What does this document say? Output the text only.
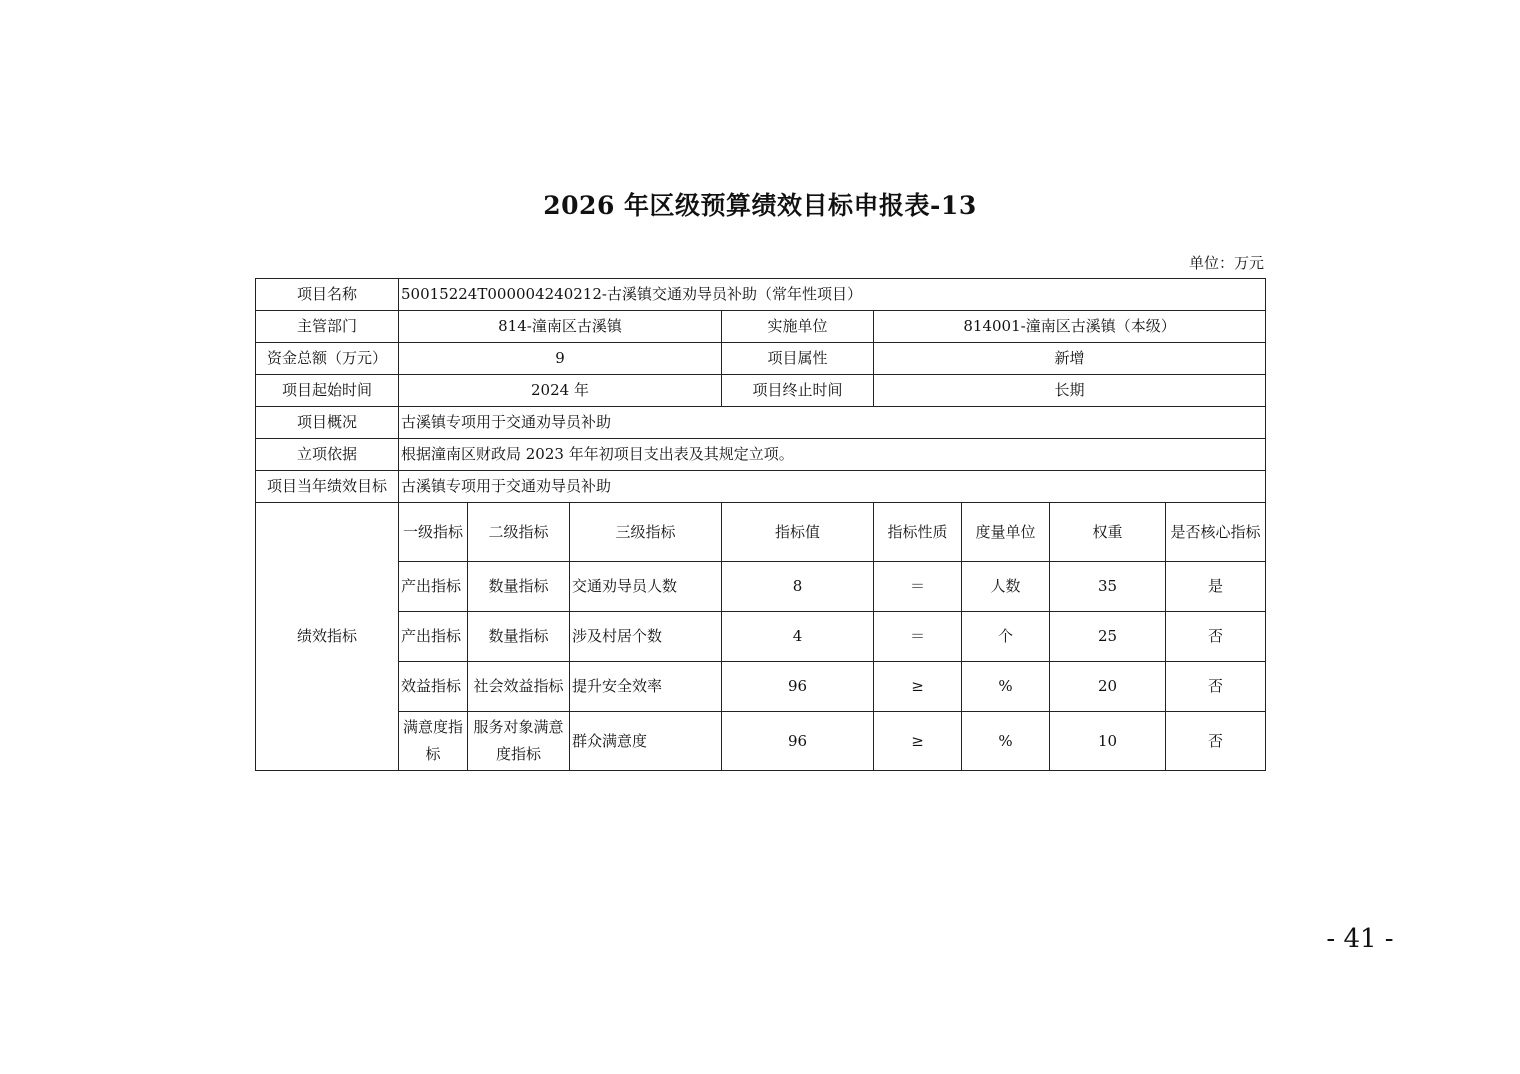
2026 年区级预算绩效目标申报表-13
单位：万元
项目名称	50015224T000004240212-古溪镇交通劝导员补助（常年性项目）							
主管部门	814-潼南区古溪镇			实施单位	814001-潼南区古溪镇（本级）			
资金总额（万元）	9			项目属性	新增			
项目起始时间	2024 年			项目终止时间	长期			
项目概况	古溪镇专项用于交通劝导员补助							
立项依据	根据潼南区财政局 2023 年年初项目支出表及其规定立项。							
项目当年绩效目标	古溪镇专项用于交通劝导员补助							
绩效指标	一级指标	二级指标	三级指标	指标值	指标性质	度量单位	权重	是否核心指标
	产出指标	数量指标	交通劝导员人数	8	＝	人数	35	是
	产出指标	数量指标	涉及村居个数	4	＝	个	25	否
	效益指标	社会效益指标	提升安全效率	96	≥	%	20	否
	满意度指标	服务对象满意度指标	群众满意度	96	≥	%	10	否
- 41 -
